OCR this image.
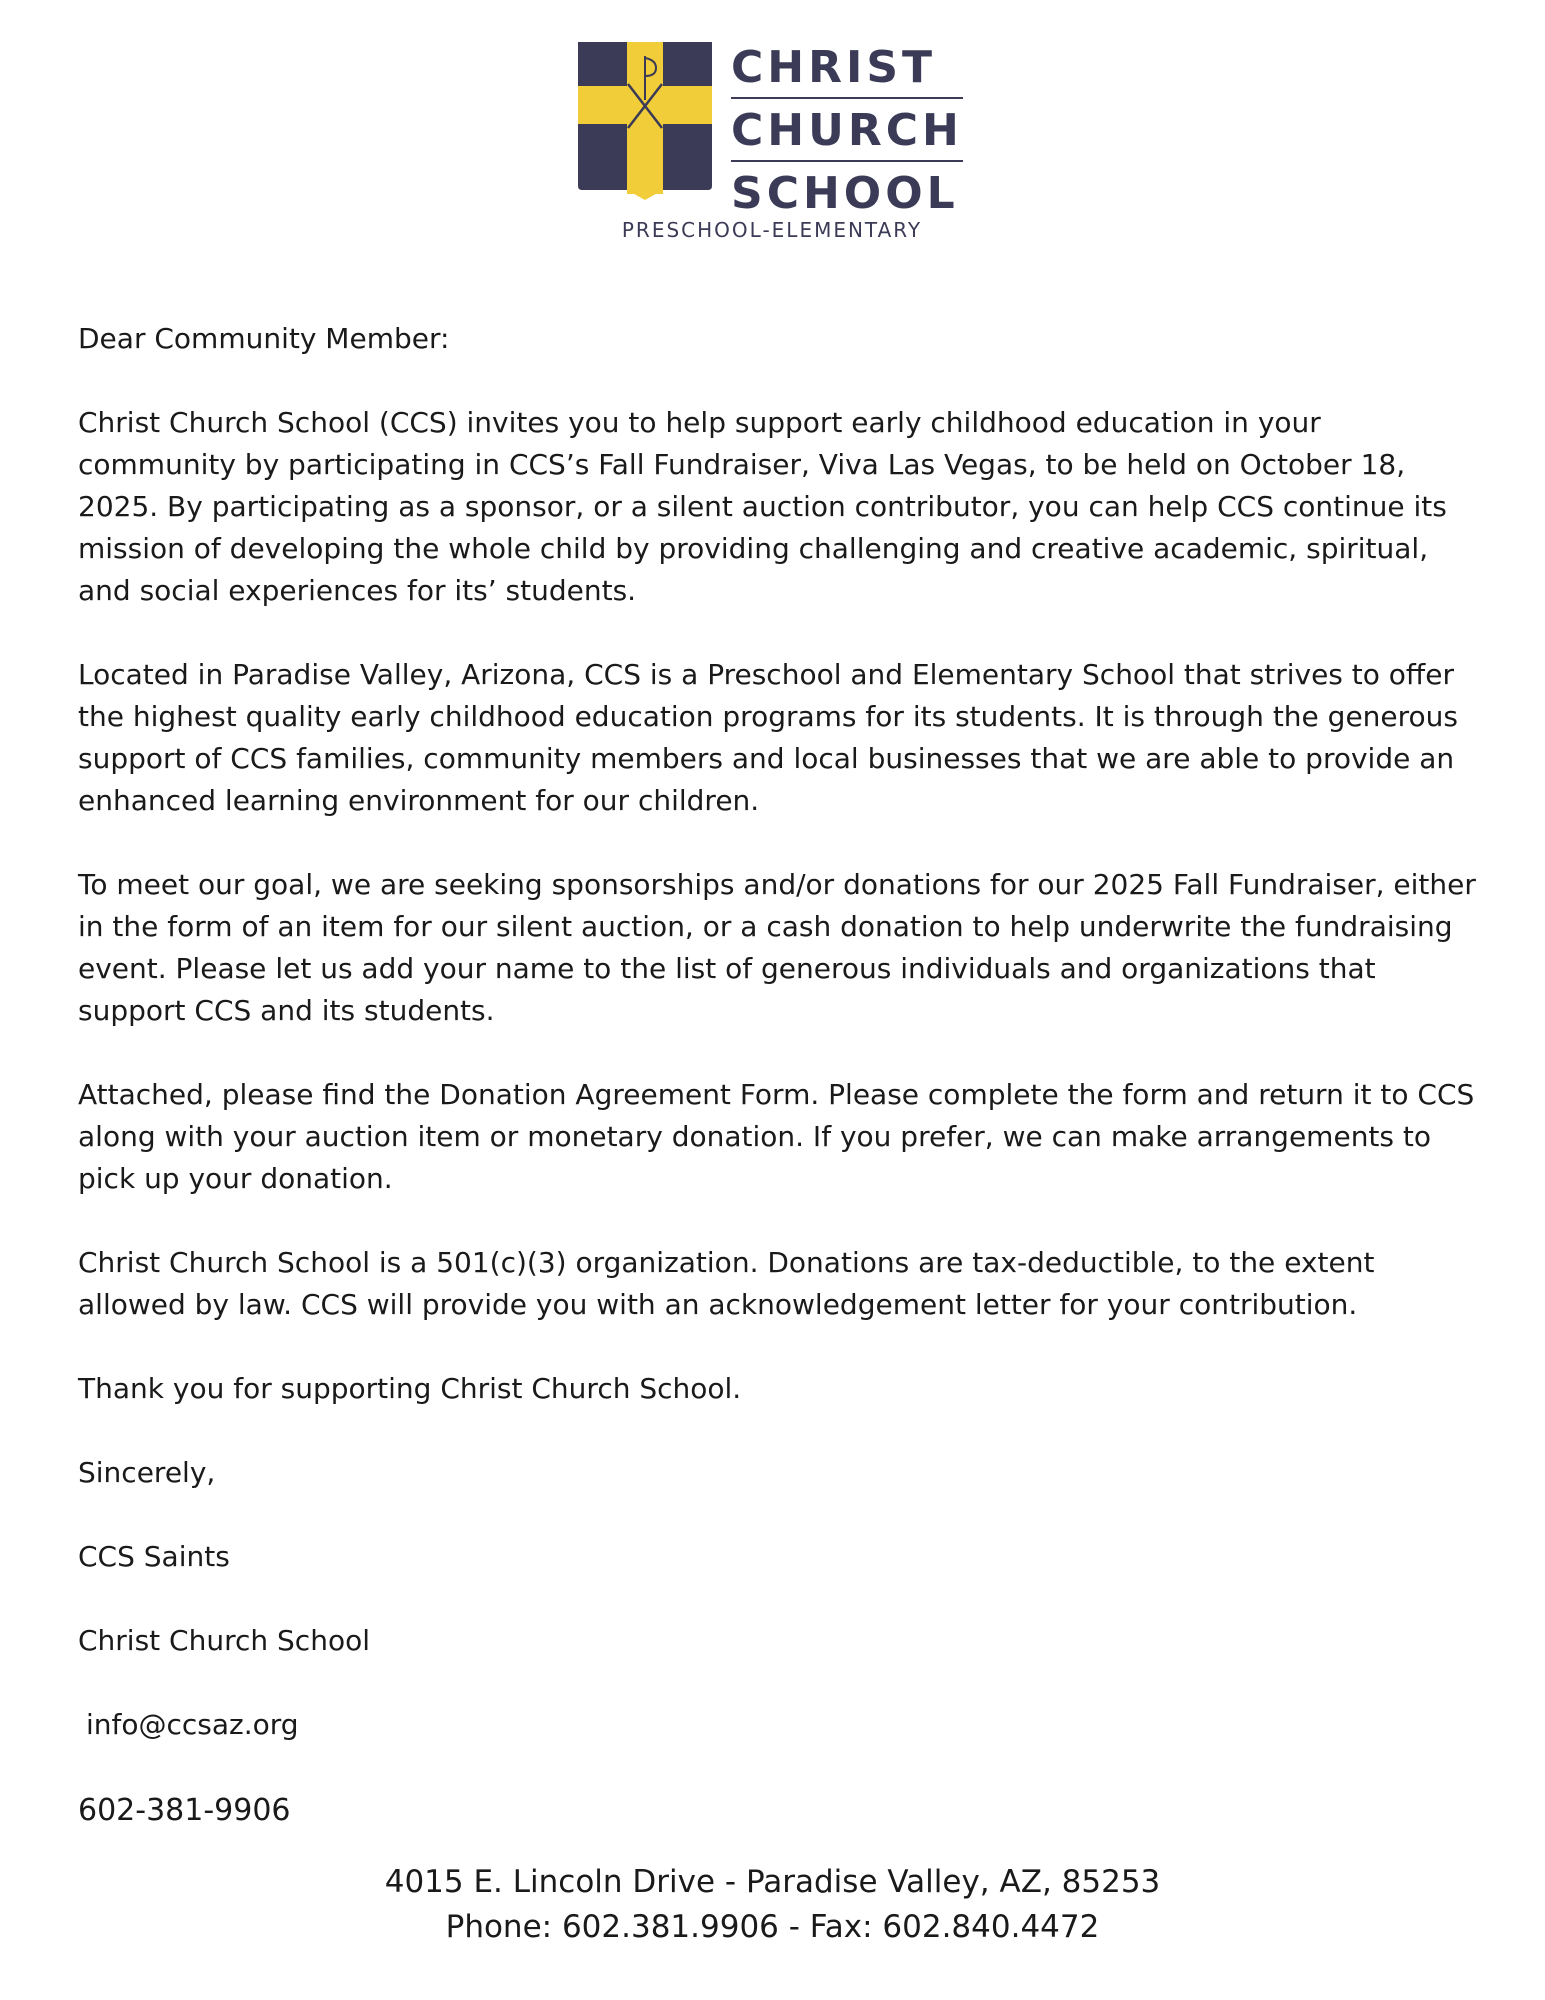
CHRIST
CHURCH
SCHOOL
PRESCHOOL-ELEMENTARY

Dear Community Member:

Christ Church School (CCS) invites you to help support early childhood education in your community by participating in CCS’s Fall Fundraiser, Viva Las Vegas, to be held on October 18, 2025. By participating as a sponsor, or a silent auction contributor, you can help CCS continue its mission of developing the whole child by providing challenging and creative academic, spiritual, and social experiences for its’ students.

Located in Paradise Valley, Arizona, CCS is a Preschool and Elementary School that strives to offer the highest quality early childhood education programs for its students. It is through the generous support of CCS families, community members and local businesses that we are able to provide an enhanced learning environment for our children.

To meet our goal, we are seeking sponsorships and/or donations for our 2025 Fall Fundraiser, either in the form of an item for our silent auction, or a cash donation to help underwrite the fundraising event. Please let us add your name to the list of generous individuals and organizations that support CCS and its students.

Attached, please find the Donation Agreement Form. Please complete the form and return it to CCS along with your auction item or monetary donation. If you prefer, we can make arrangements to pick up your donation.

Christ Church School is a 501(c)(3) organization. Donations are tax-deductible, to the extent allowed by law. CCS will provide you with an acknowledgement letter for your contribution.

Thank you for supporting Christ Church School.

Sincerely,

CCS Saints

Christ Church School

info@ccsaz.org

602-381-9906

4015 E. Lincoln Drive - Paradise Valley, AZ, 85253
Phone: 602.381.9906 - Fax: 602.840.4472
